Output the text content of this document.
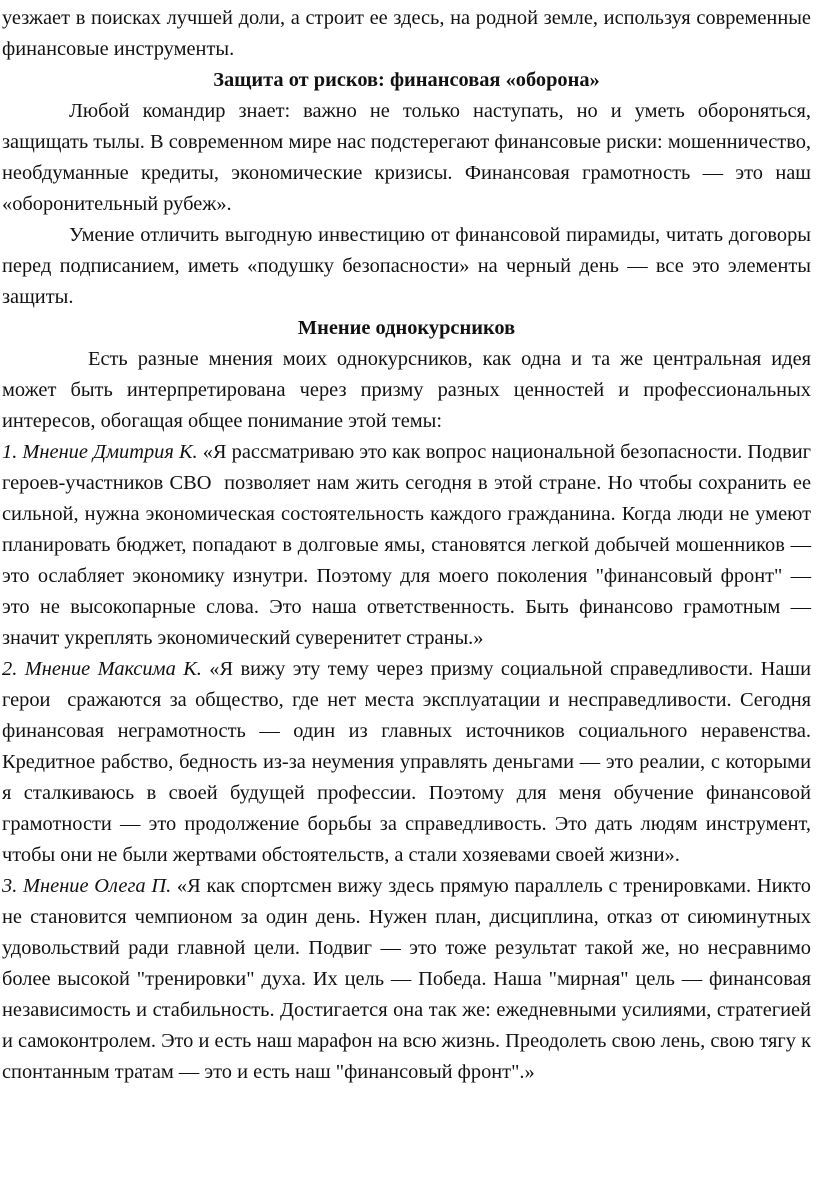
уезжает в поисках лучшей доли, а строит ее здесь, на родной земле, используя современные финансовые инструменты.

Защита от рисков: финансовая «оборона»

Любой командир знает: важно не только наступать, но и уметь обороняться, защищать тылы. В современном мире нас подстерегают финансовые риски: мошенничество, необдуманные кредиты, экономические кризисы. Финансовая грамотность — это наш «оборонительный рубеж».

Умение отличить выгодную инвестицию от финансовой пирамиды, читать договоры перед подписанием, иметь «подушку безопасности» на черный день — все это элементы защиты.

Мнение однокурсников

Есть разные мнения моих однокурсников, как одна и та же центральная идея может быть интерпретирована через призму разных ценностей и профессиональных интересов, обогащая общее понимание этой темы:

1. Мнение Дмитрия К. «Я рассматриваю это как вопрос национальной безопасности. Подвиг героев-участников СВО  позволяет нам жить сегодня в этой стране. Но чтобы сохранить ее сильной, нужна экономическая состоятельность каждого гражданина. Когда люди не умеют планировать бюджет, попадают в долговые ямы, становятся легкой добычей мошенников — это ослабляет экономику изнутри. Поэтому для моего поколения "финансовый фронт" — это не высокопарные слова. Это наша ответственность. Быть финансово грамотным — значит укреплять экономический суверенитет страны.»

2. Мнение Максима К. «Я вижу эту тему через призму социальной справедливости. Наши герои  сражаются за общество, где нет места эксплуатации и несправедливости. Сегодня финансовая неграмотность — один из главных источников социального неравенства. Кредитное рабство, бедность из-за неумения управлять деньгами — это реалии, с которыми я сталкиваюсь в своей будущей профессии. Поэтому для меня обучение финансовой грамотности — это продолжение борьбы за справедливость. Это дать людям инструмент, чтобы они не были жертвами обстоятельств, а стали хозяевами своей жизни».

3. Мнение Олега П. «Я как спортсмен вижу здесь прямую параллель с тренировками. Никто не становится чемпионом за один день. Нужен план, дисциплина, отказ от сиюминутных удовольствий ради главной цели. Подвиг — это тоже результат такой же, но несравнимо более высокой "тренировки" духа. Их цель — Победа. Наша "мирная" цель — финансовая независимость и стабильность. Достигается она так же: ежедневными усилиями, стратегией и самоконтролем. Это и есть наш марафон на всю жизнь. Преодолеть свою лень, свою тягу к спонтанным тратам — это и есть наш "финансовый фронт".»
